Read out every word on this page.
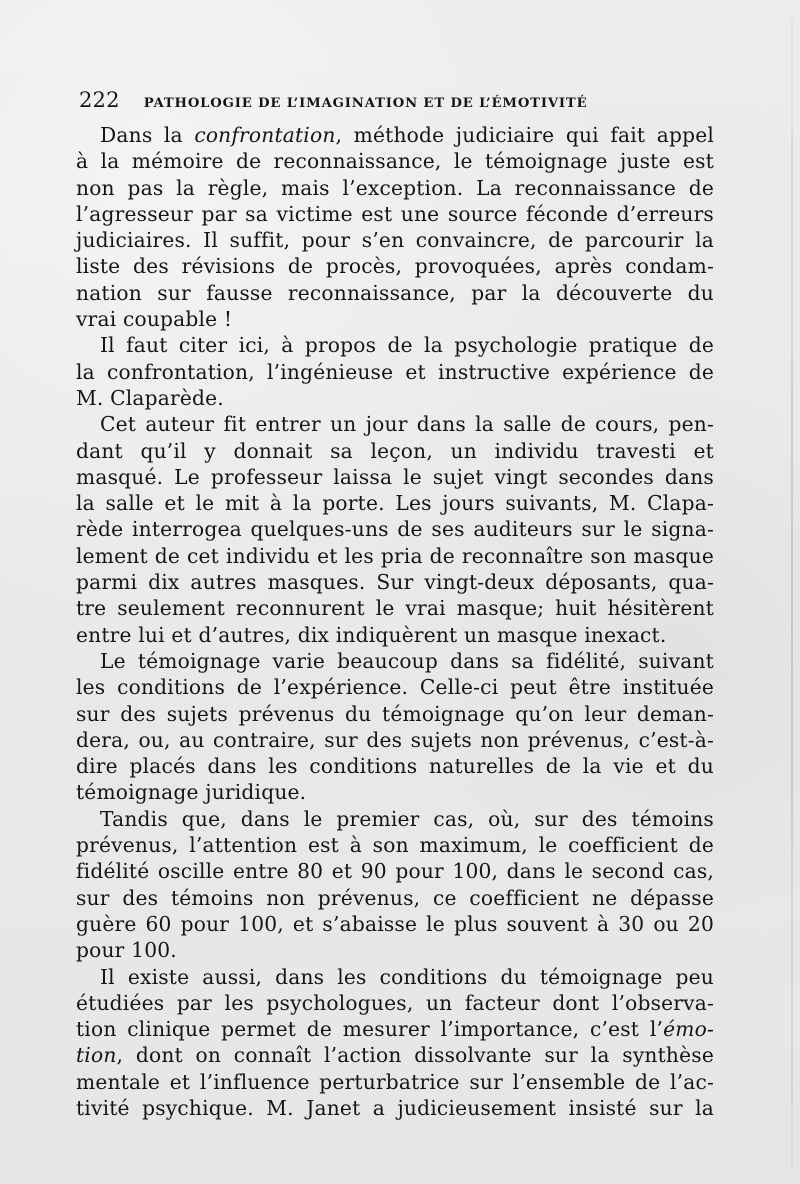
222 PATHOLOGIE DE L’IMAGINATION ET DE L’ÉMOTIVITÉ
Dans la confrontation, méthode judiciaire qui fait appel
à la mémoire de reconnaissance, le témoignage juste est
non pas la règle, mais l’exception. La reconnaissance de
l’agresseur par sa victime est une source féconde d’erreurs
judiciaires. Il suffit, pour s’en convaincre, de parcourir la
liste des révisions de procès, provoquées, après condam-
nation sur fausse reconnaissance, par la découverte du
vrai coupable !
Il faut citer ici, à propos de la psychologie pratique de
la confrontation, l’ingénieuse et instructive expérience de
M. Claparède.
Cet auteur fit entrer un jour dans la salle de cours, pen-
dant qu’il y donnait sa leçon, un individu travesti et
masqué. Le professeur laissa le sujet vingt secondes dans
la salle et le mit à la porte. Les jours suivants, M. Clapa-
rède interrogea quelques-uns de ses auditeurs sur le signa-
lement de cet individu et les pria de reconnaître son masque
parmi dix autres masques. Sur vingt-deux déposants, qua-
tre seulement reconnurent le vrai masque; huit hésitèrent
entre lui et d’autres, dix indiquèrent un masque inexact.
Le témoignage varie beaucoup dans sa fidélité, suivant
les conditions de l’expérience. Celle-ci peut être instituée
sur des sujets prévenus du témoignage qu’on leur deman-
dera, ou, au contraire, sur des sujets non prévenus, c’est-à-
dire placés dans les conditions naturelles de la vie et du
témoignage juridique.
Tandis que, dans le premier cas, où, sur des témoins
prévenus, l’attention est à son maximum, le coefficient de
fidélité oscille entre 80 et 90 pour 100, dans le second cas,
sur des témoins non prévenus, ce coefficient ne dépasse
guère 60 pour 100, et s’abaisse le plus souvent à 30 ou 20
pour 100.
Il existe aussi, dans les conditions du témoignage peu
étudiées par les psychologues, un facteur dont l’observa-
tion clinique permet de mesurer l’importance, c’est l’émo-
tion, dont on connaît l’action dissolvante sur la synthèse
mentale et l’influence perturbatrice sur l’ensemble de l’ac-
tivité psychique. M. Janet a judicieusement insisté sur la
